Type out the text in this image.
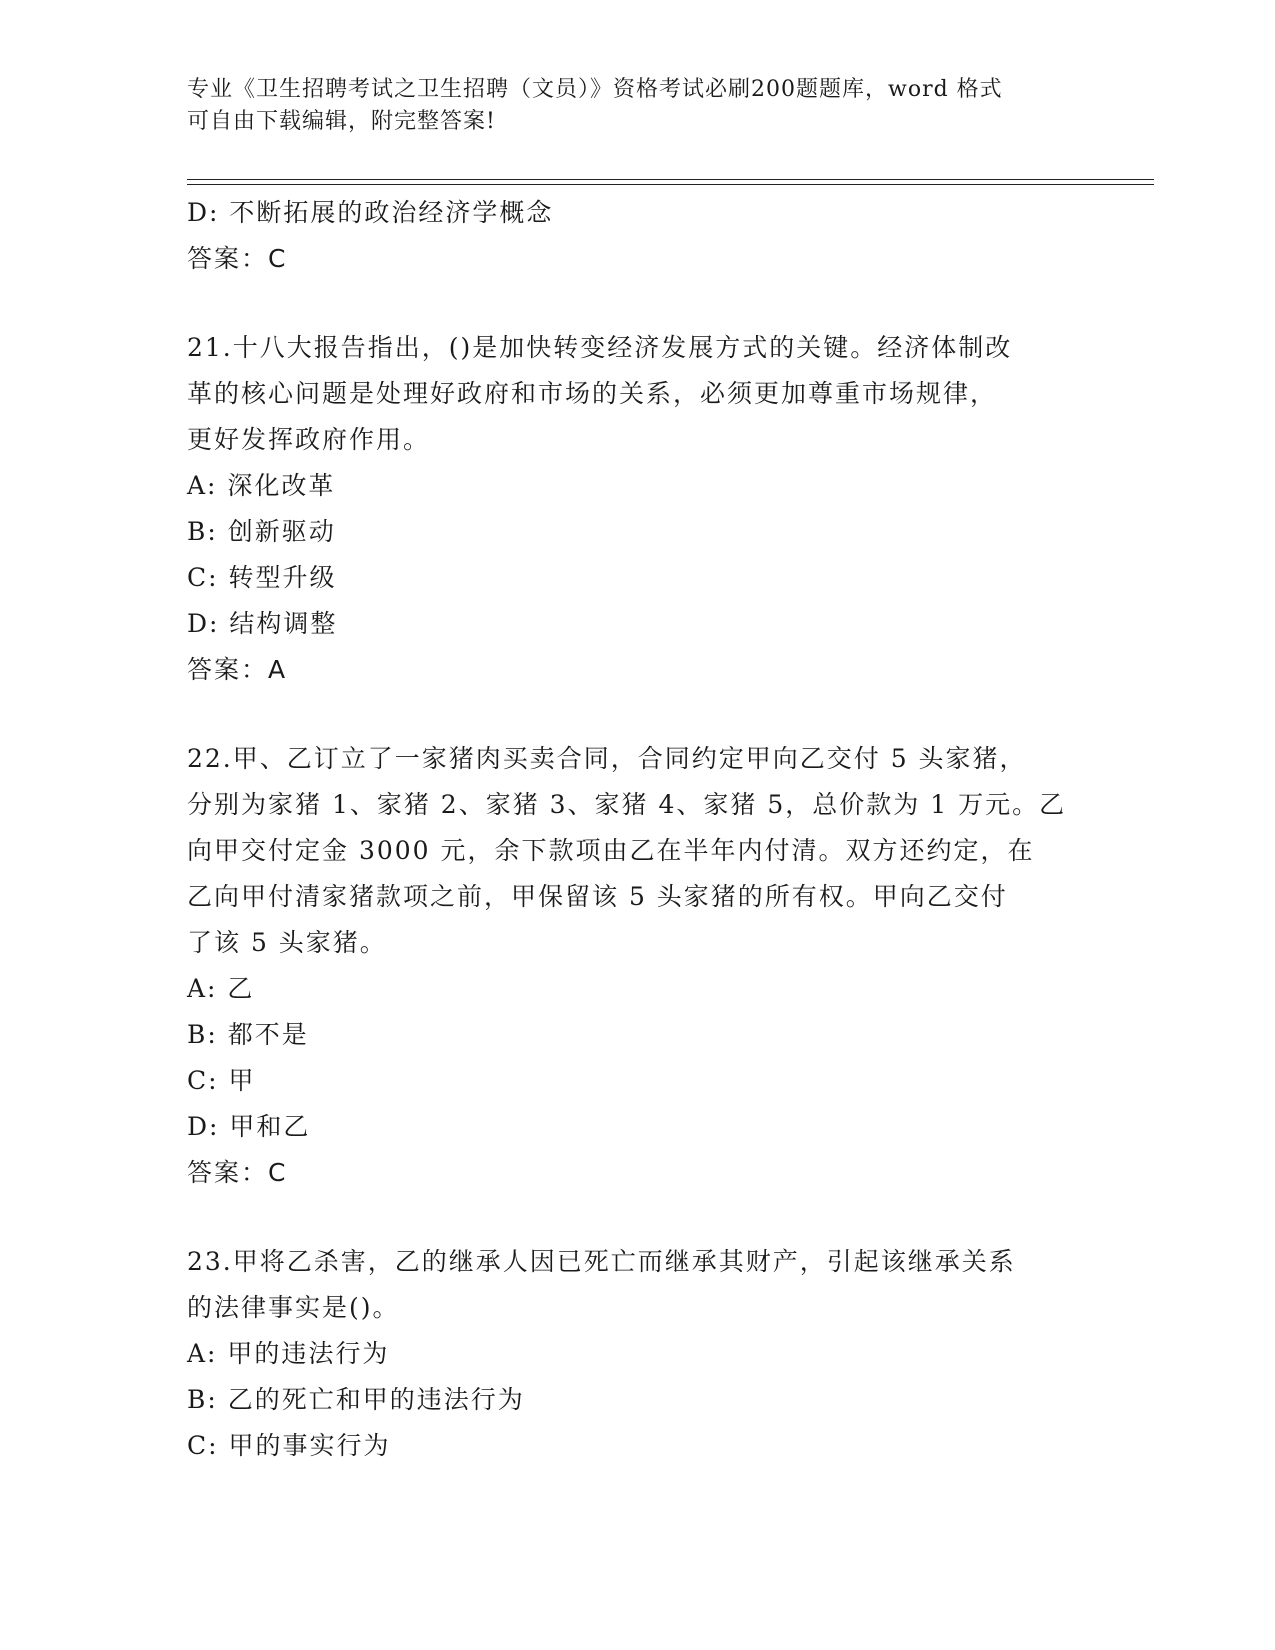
专业《卫生招聘考试之卫生招聘（文员）》资格考试必刷200题题库，word 格式
可自由下载编辑，附完整答案!
D: 不断拓展的政治经济学概念
答案：C
21.十八大报告指出，()是加快转变经济发展方式的关键。经济体制改
革的核心问题是处理好政府和市场的关系，必须更加尊重市场规律，
更好发挥政府作用。
A: 深化改革
B: 创新驱动
C: 转型升级
D: 结构调整
答案：A
22.甲、乙订立了一家猪肉买卖合同，合同约定甲向乙交付 5 头家猪，
分别为家猪 1、家猪 2、家猪 3、家猪 4、家猪 5，总价款为 1 万元。乙
向甲交付定金 3000 元，余下款项由乙在半年内付清。双方还约定，在
乙向甲付清家猪款项之前，甲保留该 5 头家猪的所有权。甲向乙交付
了该 5 头家猪。
A: 乙
B: 都不是
C: 甲
D: 甲和乙
答案：C
23.甲将乙杀害，乙的继承人因已死亡而继承其财产，引起该继承关系
的法律事实是()。
A: 甲的违法行为
B: 乙的死亡和甲的违法行为
C: 甲的事实行为
